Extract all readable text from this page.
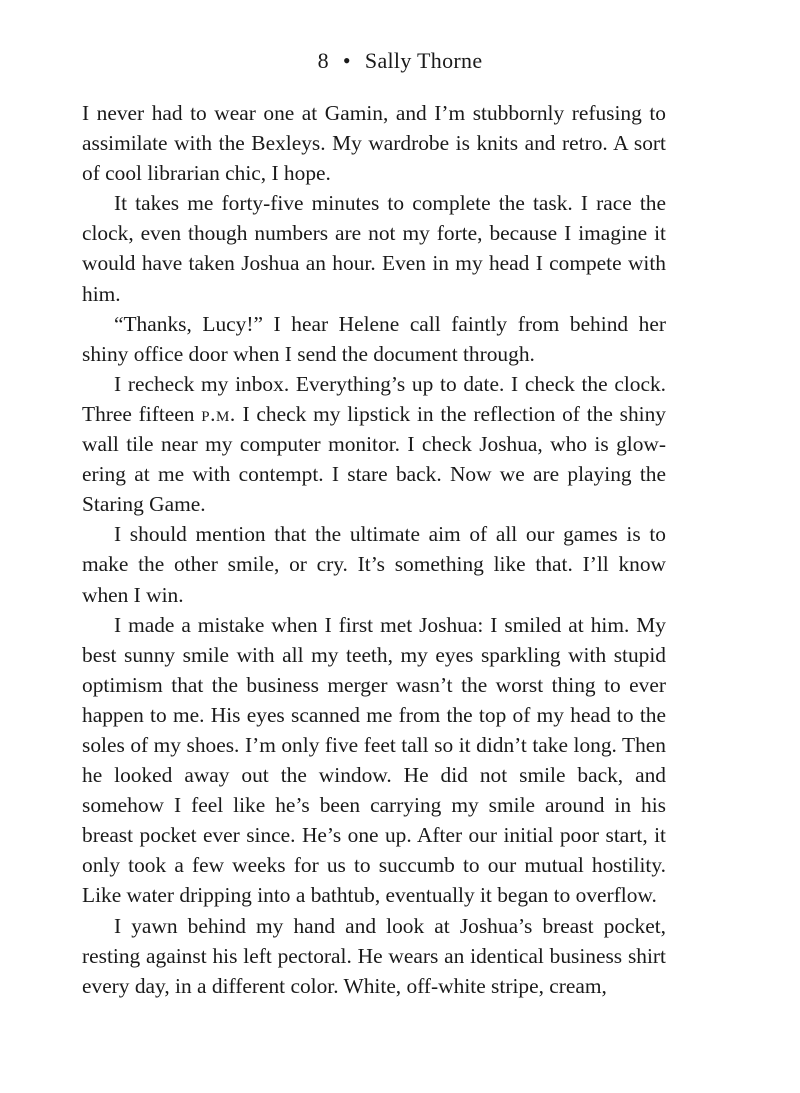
8 • Sally Thorne

I never had to wear one at Gamin, and I’m stubbornly refusing to assimilate with the Bexleys. My wardrobe is knits and retro. A sort of cool librarian chic, I hope.

It takes me forty-five minutes to complete the task. I race the clock, even though numbers are not my forte, because I imagine it would have taken Joshua an hour. Even in my head I compete with him.

“Thanks, Lucy!” I hear Helene call faintly from behind her shiny office door when I send the document through.

I recheck my inbox. Everything’s up to date. I check the clock. Three fifteen p.m. I check my lipstick in the reflection of the shiny wall tile near my computer monitor. I check Joshua, who is glowering at me with contempt. I stare back. Now we are playing the Staring Game.

I should mention that the ultimate aim of all our games is to make the other smile, or cry. It’s something like that. I’ll know when I win.

I made a mistake when I first met Joshua: I smiled at him. My best sunny smile with all my teeth, my eyes sparkling with stupid optimism that the business merger wasn’t the worst thing to ever happen to me. His eyes scanned me from the top of my head to the soles of my shoes. I’m only five feet tall so it didn’t take long. Then he looked away out the window. He did not smile back, and somehow I feel like he’s been carrying my smile around in his breast pocket ever since. He’s one up. After our initial poor start, it only took a few weeks for us to succumb to our mutual hostility. Like water dripping into a bathtub, eventually it began to overflow.

I yawn behind my hand and look at Joshua’s breast pocket, resting against his left pectoral. He wears an identical business shirt every day, in a different color. White, off-white stripe, cream,
